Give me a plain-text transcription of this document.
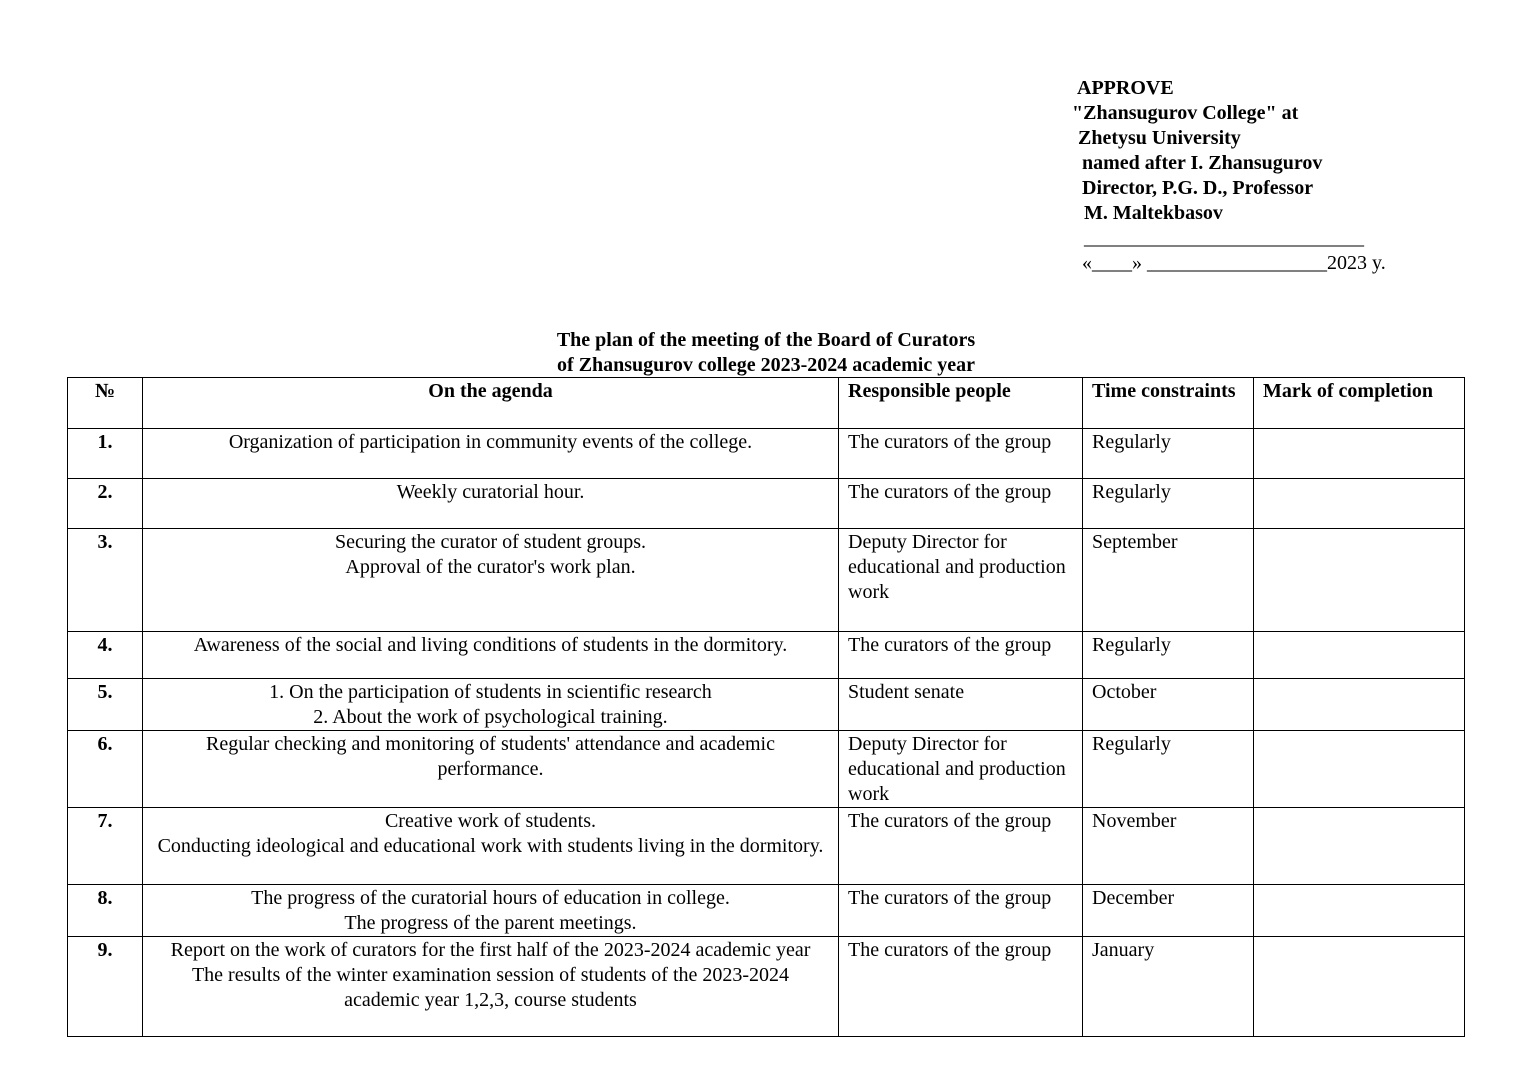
APPROVE
"Zhansugurov College" at
Zhetysu University
named after I. Zhansugurov
Director, P.G. D., Professor
M. Maltekbasov
____________________________
«____» __________________2023 y.
The plan of the meeting of the Board of Curators
of Zhansugurov college 2023-2024 academic year
№	On the agenda	Responsible people	Time constraints	Mark of completion
1.	Organization of participation in community events of the college.	The curators of the group	Regularly	
2.	Weekly curatorial hour.	The curators of the group	Regularly	
3.	Securing the curator of student groups.
Approval of the curator's work plan.	Deputy Director for educational and production work	September	
4.	Awareness of the social and living conditions of students in the dormitory.	The curators of the group	Regularly	
5.	1. On the participation of students in scientific research
2. About the work of psychological training.	Student senate	October	
6.	Regular checking and monitoring of students' attendance and academic performance.	Deputy Director for educational and production work	Regularly	
7.	Creative work of students.
Conducting ideological and educational work with students living in the dormitory.	The curators of the group	November	
8.	The progress of the curatorial hours of education in college.
The progress of the parent meetings.	The curators of the group	December	
9.	Report on the work of curators for the first half of the 2023-2024 academic year
The results of the winter examination session of students of the 2023-2024 academic year 1,2,3, course students	The curators of the group	January	
